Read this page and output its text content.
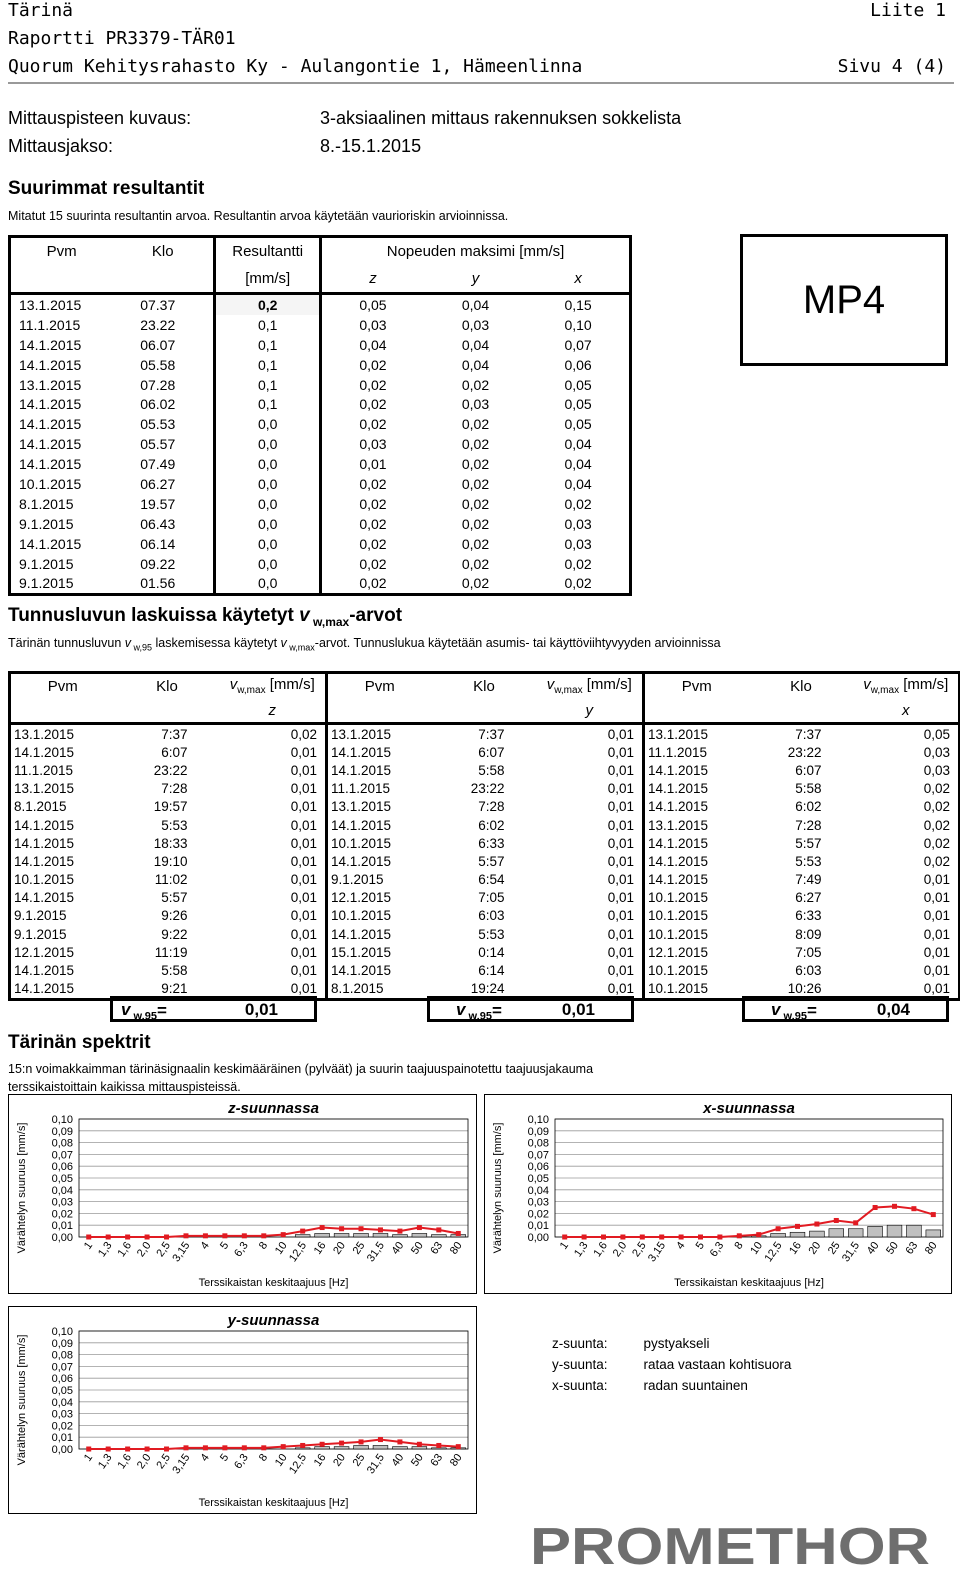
Tärinä	Liite 1
Raportti PR3379-TÄR01
Quorum Kehitysrahasto Ky - Aulangontie 1, Hämeenlinna	Sivu 4 (4)
Mittauspisteen kuvaus:	3-aksiaalinen mittaus rakennuksen sokkelista
Mittausjakso:	8.-15.1.2015
Suurimmat resultantit
Mitatut 15 suurinta resultantin arvoa. Resultantin arvoa käytetään vaurioriskin arvioinnissa.
Pvm	Klo	Resultantti	Nopeuden maksimi [mm/s]		
		[mm/s]	z	y	x
13.1.2015	07.37	0,2	0,05	0,04	0,15
11.1.2015	23.22	0,1	0,03	0,03	0,10
14.1.2015	06.07	0,1	0,04	0,04	0,07
14.1.2015	05.58	0,1	0,02	0,04	0,06
13.1.2015	07.28	0,1	0,02	0,02	0,05
14.1.2015	06.02	0,1	0,02	0,03	0,05
14.1.2015	05.53	0,0	0,02	0,02	0,05
14.1.2015	05.57	0,0	0,03	0,02	0,04
14.1.2015	07.49	0,0	0,01	0,02	0,04
10.1.2015	06.27	0,0	0,02	0,02	0,04
8.1.2015	19.57	0,0	0,02	0,02	0,02
9.1.2015	06.43	0,0	0,02	0,02	0,03
14.1.2015	06.14	0,0	0,02	0,02	0,03
9.1.2015	09.22	0,0	0,02	0,02	0,02
9.1.2015	01.56	0,0	0,02	0,02	0,02
MP4
Tunnusluvun laskuissa käytetyt v $_{w,max}$-arvot
Tärinän tunnusluvun v $_{w,95}$ laskemisessa käytetyt v $_{w,max}$-arvot. Tunnuslukua käytetään asumis- tai käyttöviihtyvyyden arvioinnissa
Pvm	Klo	$v_{w,max}$ [mm/s]	Pvm	Klo	$v_{w,max}$ [mm/s]	Pvm	Klo	$v_{w,max}$ [mm/s]
		z			y			x
13.1.2015	7:37	0,02	13.1.2015	7:37	0,01	13.1.2015	7:37	0,05
14.1.2015	6:07	0,01	14.1.2015	6:07	0,01	11.1.2015	23:22	0,03
11.1.2015	23:22	0,01	14.1.2015	5:58	0,01	14.1.2015	6:07	0,03
13.1.2015	7:28	0,01	11.1.2015	23:22	0,01	14.1.2015	5:58	0,02
8.1.2015	19:57	0,01	13.1.2015	7:28	0,01	14.1.2015	6:02	0,02
14.1.2015	5:53	0,01	14.1.2015	6:02	0,01	13.1.2015	7:28	0,02
14.1.2015	18:33	0,01	10.1.2015	6:33	0,01	14.1.2015	5:57	0,02
14.1.2015	19:10	0,01	14.1.2015	5:57	0,01	14.1.2015	5:53	0,02
10.1.2015	11:02	0,01	9.1.2015	6:54	0,01	14.1.2015	7:49	0,01
14.1.2015	5:57	0,01	12.1.2015	7:05	0,01	10.1.2015	6:27	0,01
9.1.2015	9:26	0,01	10.1.2015	6:03	0,01	10.1.2015	6:33	0,01
9.1.2015	9:22	0,01	14.1.2015	5:53	0,01	10.1.2015	8:09	0,01
12.1.2015	11:19	0,01	15.1.2015	0:14	0,01	12.1.2015	7:05	0,01
14.1.2015	5:58	0,01	14.1.2015	6:14	0,01	10.1.2015	6:03	0,01
14.1.2015	9:21	0,01	8.1.2015	19:24	0,01	10.1.2015	10:26	0,01
v $_{w,95}$ =	0,01	v $_{w,95}$ =	0,01	v $_{w,95}$ =	0,04
Tärinän spektrit
15:n voimakkaimman tärinäsignaalin keskimääräinen (pylväät) ja suurin taajuuspainotettu taajuusjakauma terssikaistoittain kaikissa mittauspisteissä.
0,00
0,01
0,02
0,03
0,04
0,05
0,06
0,07
0,08
0,09
0,10
Värähtelyn suuruus [mm/s]
z-suunnassa
1 1,3 1,6 2,0 2,5
3,15 4 5 6,3 8 10
12,5 16 20 25
31,5 40 50 63 80
Terssikaistan keskitaajuus [Hz]
0,00
0,01
0,02
0,03
0,04
0,05
0,06
0,07
0,08
0,09
0,10
Värähtelyn suuruus [mm/s]
x-suunnassa
1 1,3 1,6 2,0 2,5
3,15 4 5 6,3 8 10
12,5 16 20 25
31,5 40 50 63 80
Terssikaistan keskitaajuus [Hz]
0,00
0,01
0,02
0,03
0,04
0,05
0,06
0,07
0,08
0,09
0,10
Värähtelyn suuruus [mm/s]
y-suunnassa
1 1,3 1,6 2,0 2,5
3,15 4 5 6,3 8 10
12,5 16 20 25
31,5 40 50 63 80
Terssikaistan keskitaajuus [Hz]
z-suunta:	pystyakseli
y-suunta:	rataa vastaan kohtisuora
x-suunta:	radan suuntainen
PROMETHOR
